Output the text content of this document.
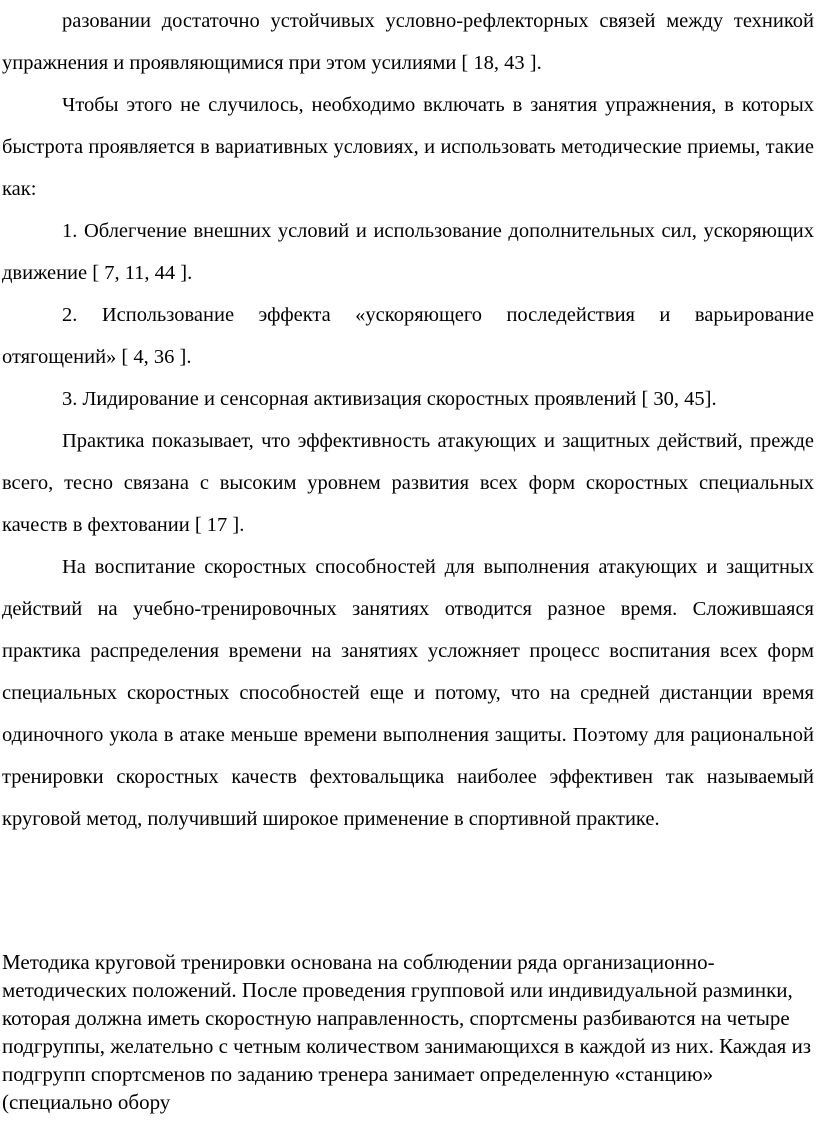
разовании достаточно устойчивых условно-рефлекторных связей между техникой упражнения и проявляющимися при этом усилиями [ 18, 43 ].

Чтобы этого не случилось, необходимо включать в занятия упражнения, в которых быстрота проявляется в вариативных условиях, и использовать методические приемы, такие как:

1. Облегчение внешних условий и использование дополнительных сил, ускоряющих движение [ 7, 11, 44 ].

2. Использование эффекта «ускоряющего последействия и варьирование отягощений» [ 4, 36 ].

3. Лидирование и сенсорная активизация скоростных проявлений [ 30, 45].

Практика показывает, что эффективность атакующих и защитных действий, прежде всего, тесно связана с высоким уровнем развития всех форм скоростных специальных качеств в фехтовании [ 17 ].

На воспитание скоростных способностей для выполнения атакующих и защитных действий на учебно-тренировочных занятиях отводится разное время. Сложившаяся практика распределения времени на занятиях усложняет процесс воспитания всех форм специальных скоростных способностей еще и потому, что на средней дистанции время одиночного укола в атаке меньше времени выполнения защиты. Поэтому для рациональной тренировки скоростных качеств фехтовальщика наиболее эффективен так называемый круговой метод, получивший широкое применение в спортивной практике.

Методика круговой тренировки основана на соблюдении ряда организационно-методических положений. После проведения групповой или индивидуальной разминки, которая должна иметь скоростную направленность, спортсмены разбиваются на четыре подгруппы, желательно с четным количеством занимающихся в каждой из них. Каждая из подгрупп спортсменов по заданию тренера занимает определенную «станцию» (специально обору
